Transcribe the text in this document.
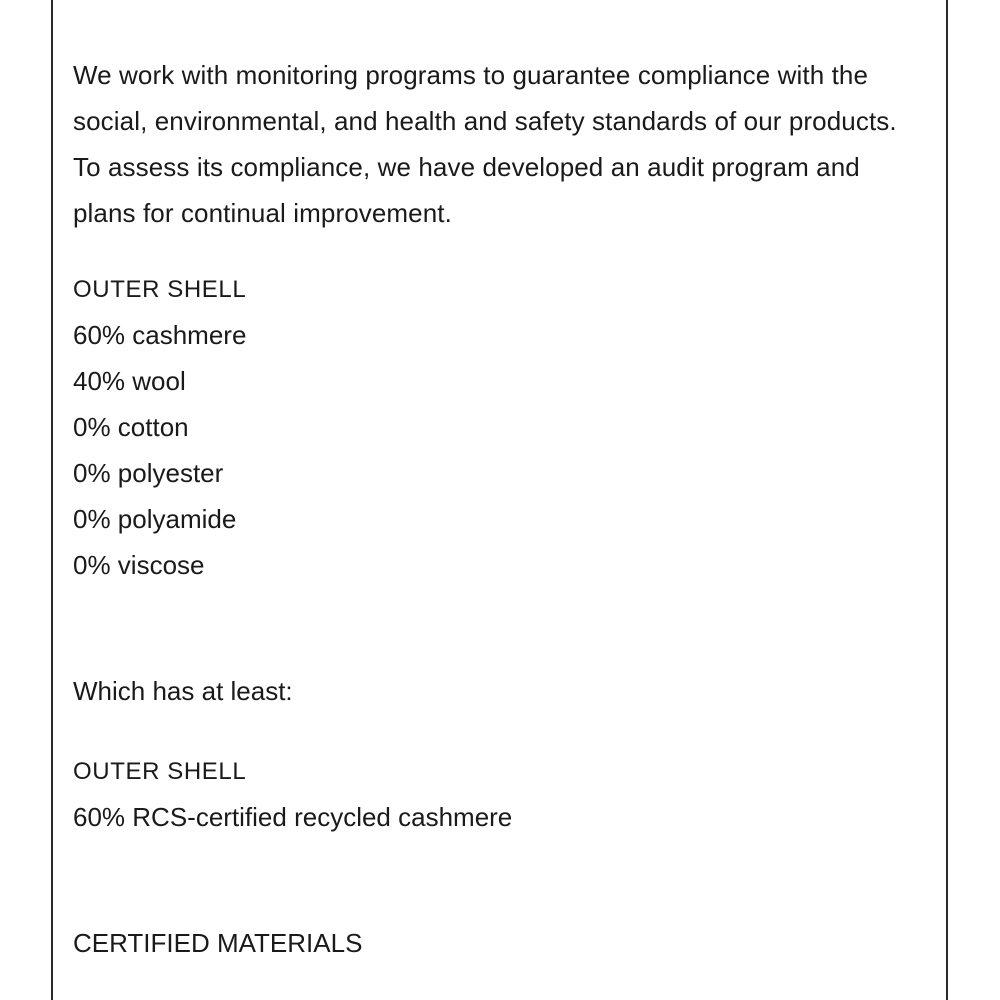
We work with monitoring programs to guarantee compliance with the social, environmental, and health and safety standards of our products. To assess its compliance, we have developed an audit program and plans for continual improvement.

OUTER SHELL

60% cashmere

40% wool

0% cotton

0% polyester

0% polyamide

0% viscose

Which has at least:

OUTER SHELL

60% RCS-certified recycled cashmere

CERTIFIED MATERIALS
